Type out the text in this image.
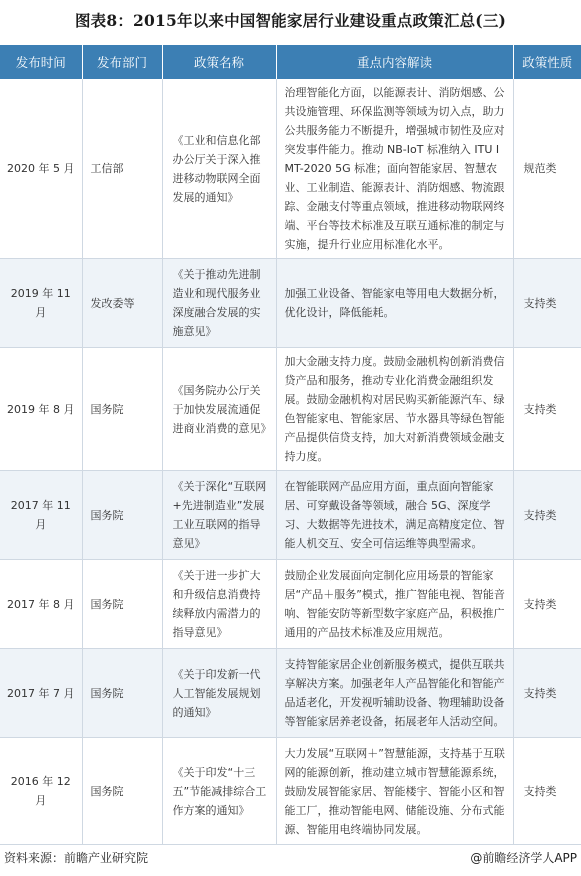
图表8：2015年以来中国智能家居行业建设重点政策汇总(三)
发布时间	发布部门	政策名称	重点内容解读	政策性质
2020 年 5 月	工信部	《工业和信息化部办公厅关于深入推进移动物联网全面发展的通知》	治理智能化方面，以能源表计、消防烟感、公共设施管理、环保监测等领域为切入点，助力公共服务能力不断提升，增强城市韧性及应对突发事件能力。推动 NB-IoT 标准纳入 ITU IMT-2020 5G 标准；面向智能家居、智慧农业、工业制造、能源表计、消防烟感、物流跟踪、金融支付等重点领域，推进移动物联网终端、平台等技术标准及互联互通标准的制定与实施，提升行业应用标准化水平。	规范类
2019 年 11 月	发改委等	《关于推动先进制造业和现代服务业深度融合发展的实施意见》	加强工业设备、智能家电等用电大数据分析，优化设计，降低能耗。	支持类
2019 年 8 月	国务院	《国务院办公厅关于加快发展流通促进商业消费的意见》	加大金融支持力度。鼓励金融机构创新消费信贷产品和服务，推动专业化消费金融组织发展。鼓励金融机构对居民购买新能源汽车、绿色智能家电、智能家居、节水器具等绿色智能产品提供信贷支持，加大对新消费领域金融支持力度。	支持类
2017 年 11 月	国务院	《关于深化“互联网+先进制造业”发展工业互联网的指导意见》	在智能联网产品应用方面，重点面向智能家居、可穿戴设备等领域，融合 5G、深度学习、大数据等先进技术，满足高精度定位、智能人机交互、安全可信运维等典型需求。	支持类
2017 年 8 月	国务院	《关于进一步扩大和升级信息消费持续释放内需潜力的指导意见》	鼓励企业发展面向定制化应用场景的智能家居“产品＋服务”模式，推广智能电视、智能音响、智能安防等新型数字家庭产品，积极推广通用的产品技术标准及应用规范。	支持类
2017 年 7 月	国务院	《关于印发新一代人工智能发展规划的通知》	支持智能家居企业创新服务模式，提供互联共享解决方案。加强老年人产品智能化和智能产品适老化，开发视听辅助设备、物理辅助设备等智能家居养老设备，拓展老年人活动空间。	支持类
2016 年 12 月	国务院	《关于印发“十三五”节能减排综合工作方案的通知》	大力发展“互联网＋”智慧能源，支持基于互联网的能源创新，推动建立城市智慧能源系统，鼓励发展智能家居、智能楼宇、智能小区和智能工厂，推动智能电网、储能设施、分布式能源、智能用电终端协同发展。	支持类
资料来源：前瞻产业研究院	@前瞻经济学人APP
